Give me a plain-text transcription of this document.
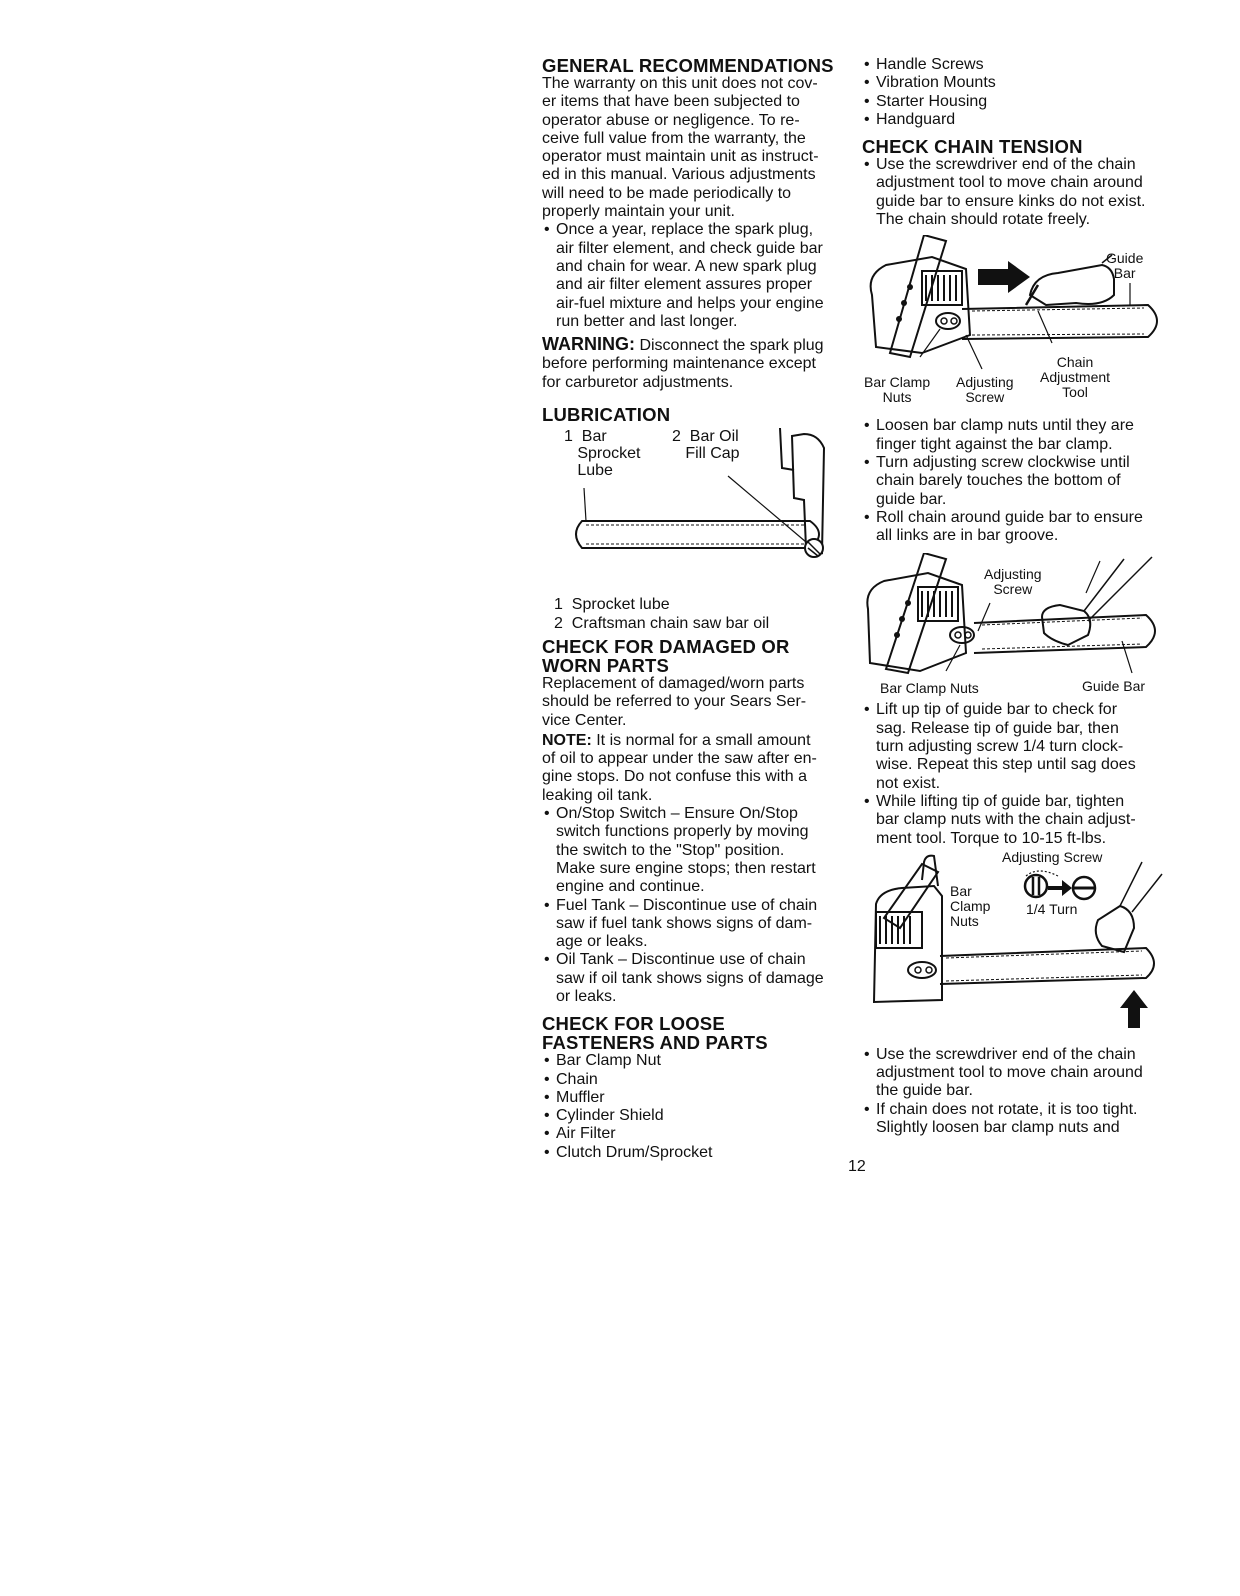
GENERAL RECOMMENDATIONS

The warranty on this unit does not cov-
er items that have been subjected to
operator abuse or negligence. To re-
ceive full value from the warranty, the
operator must maintain unit as instruct-
ed in this manual. Various adjustments
will need to be made periodically to
properly maintain your unit.

• Once a year, replace the spark plug,
air filter element, and check guide bar
and chain for wear. A new spark plug
and air filter element assures proper
air-fuel mixture and helps your engine
run better and last longer.

WARNING: Disconnect the spark plug
before performing maintenance except
for carburetor adjustments.

LUBRICATION
1  Bar
Sprocket
Lube
2  Bar Oil
Fill Cap

1  Sprocket lube
2  Craftsman chain saw bar oil

CHECK FOR DAMAGED OR
WORN PARTS

Replacement of damaged/worn parts
should be referred to your Sears Ser-
vice Center.

NOTE: It is normal for a small amount
of oil to appear under the saw after en-
gine stops. Do not confuse this with a
leaking oil tank.

• On/Stop Switch – Ensure On/Stop
switch functions properly by moving
the switch to the "Stop" position.
Make sure engine stops; then restart
engine and continue.
• Fuel Tank – Discontinue use of chain
saw if fuel tank shows signs of dam-
age or leaks.
• Oil Tank – Discontinue use of chain
saw if oil tank shows signs of damage
or leaks.
CHECK FOR LOOSE
FASTENERS AND PARTS
• Bar Clamp Nut
• Chain
• Muffler
• Cylinder Shield
• Air Filter
• Clutch Drum/Sprocket
• Handle Screws
• Vibration Mounts
• Starter Housing
• Handguard
CHECK CHAIN TENSION
• Use the screwdriver end of the chain
adjustment tool to move chain around
guide bar to ensure kinks do not exist.
The chain should rotate freely.
Guide
Bar
Chain
Adjustment
Tool
Bar Clamp
Nuts
Adjusting
Screw
• Loosen bar clamp nuts until they are
finger tight against the bar clamp.
• Turn adjusting screw clockwise until
chain barely touches the bottom of
guide bar.
• Roll chain around guide bar to ensure
all links are in bar groove.
Adjusting
Screw
Bar Clamp Nuts	Guide Bar
• Lift up tip of guide bar to check for
sag. Release tip of guide bar, then
turn adjusting screw 1/4 turn clock-
wise. Repeat this step until sag does
not exist.
• While lifting tip of guide bar, tighten
bar clamp nuts with the chain adjust-
ment tool. Torque to 10-15 ft-lbs.
Adjusting Screw
Bar
Clamp
Nuts
1/4 Turn
• Use the screwdriver end of the chain
adjustment tool to move chain around
the guide bar.
• If chain does not rotate, it is too tight.
Slightly loosen bar clamp nuts and
12
